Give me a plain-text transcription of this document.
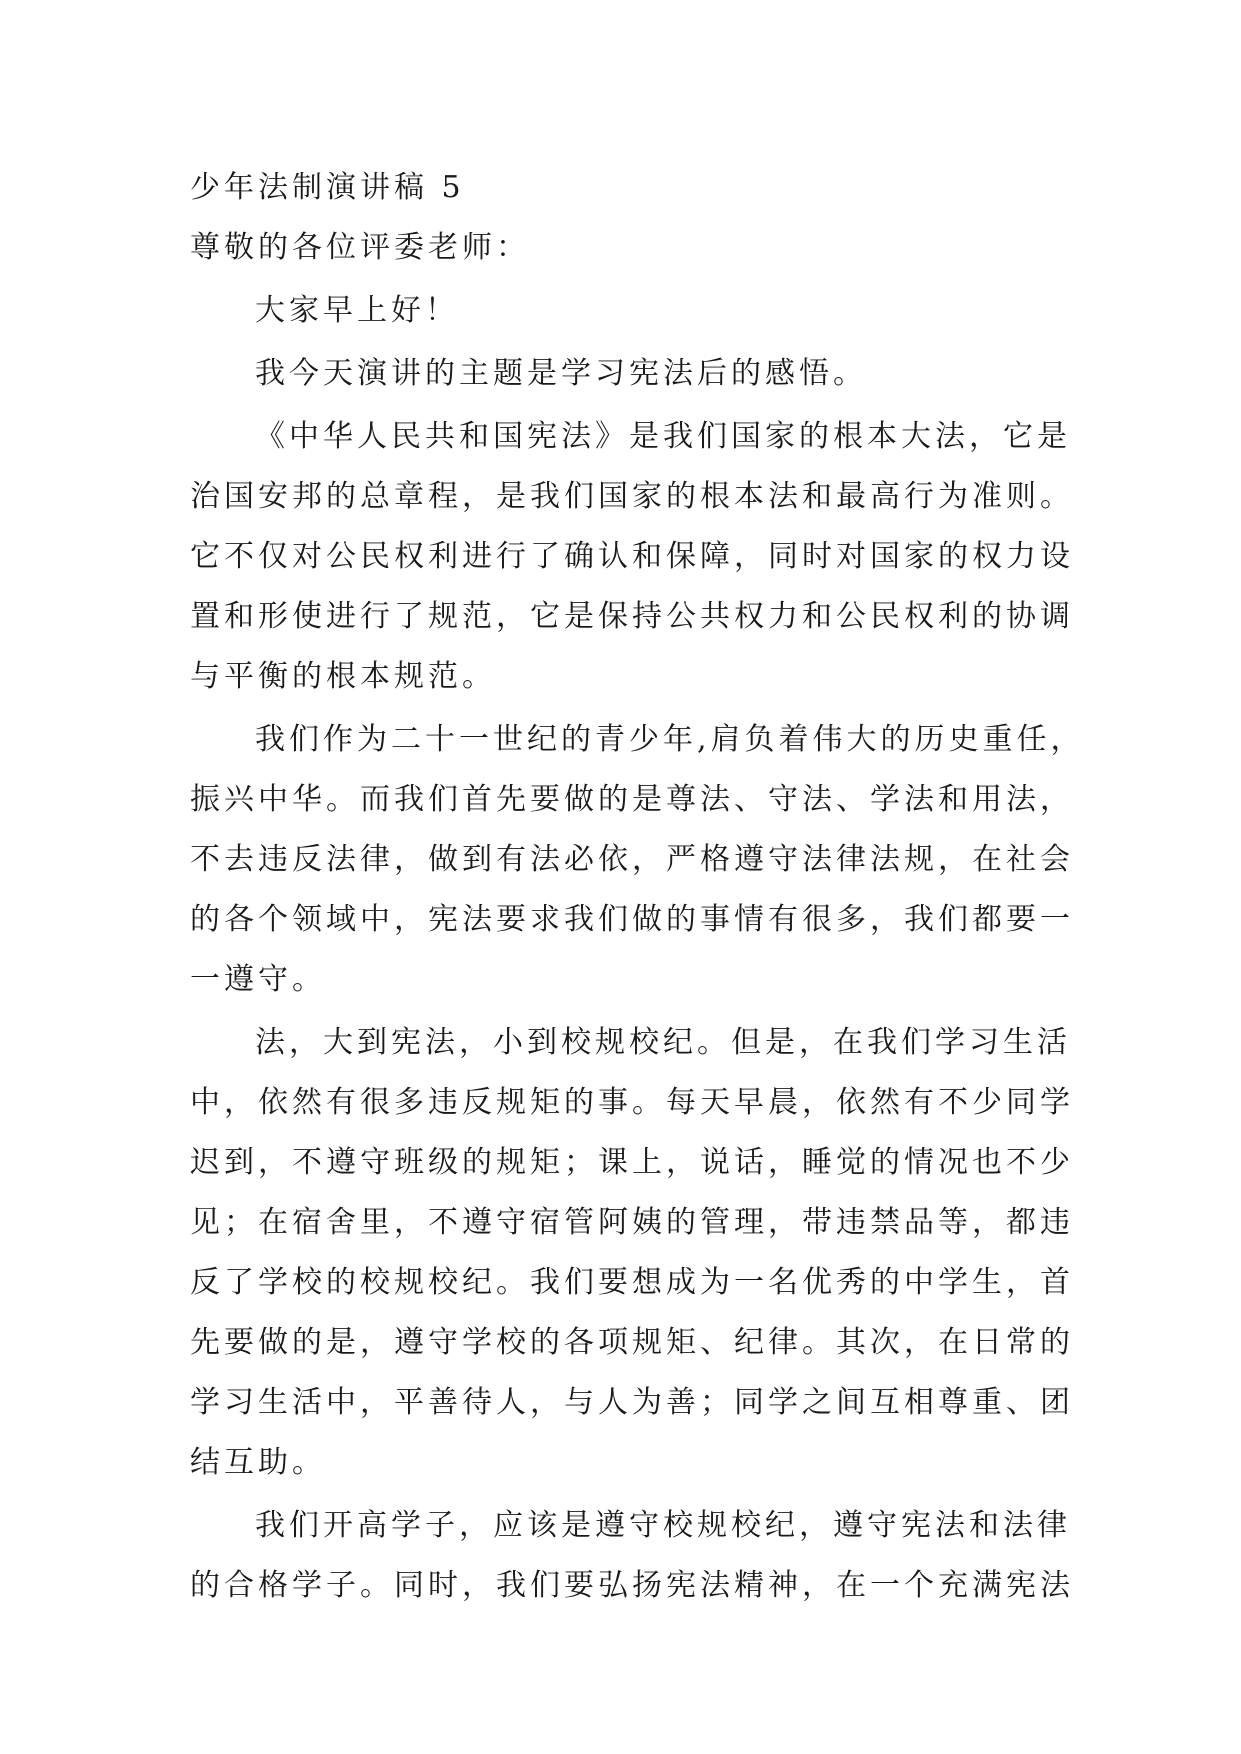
少年法制演讲稿 5
尊敬的各位评委老师：
大家早上好！
我今天演讲的主题是学习宪法后的感悟。
《中华人民共和国宪法》是我们国家的根本大法，它是
治国安邦的总章程，是我们国家的根本法和最高行为准则。
它不仅对公民权利进行了确认和保障，同时对国家的权力设
置和形使进行了规范，它是保持公共权力和公民权利的协调
与平衡的根本规范。
我们作为二十一世纪的青少年,肩负着伟大的历史重任，
振兴中华。而我们首先要做的是尊法、守法、学法和用法，
不去违反法律，做到有法必依，严格遵守法律法规，在社会
的各个领域中，宪法要求我们做的事情有很多，我们都要一
一遵守。
法，大到宪法，小到校规校纪。但是，在我们学习生活
中，依然有很多违反规矩的事。每天早晨，依然有不少同学
迟到，不遵守班级的规矩；课上，说话，睡觉的情况也不少
见；在宿舍里，不遵守宿管阿姨的管理，带违禁品等，都违
反了学校的校规校纪。我们要想成为一名优秀的中学生，首
先要做的是，遵守学校的各项规矩、纪律。其次，在日常的
学习生活中，平善待人，与人为善；同学之间互相尊重、团
结互助。
我们开高学子，应该是遵守校规校纪，遵守宪法和法律
的合格学子。同时，我们要弘扬宪法精神，在一个充满宪法
